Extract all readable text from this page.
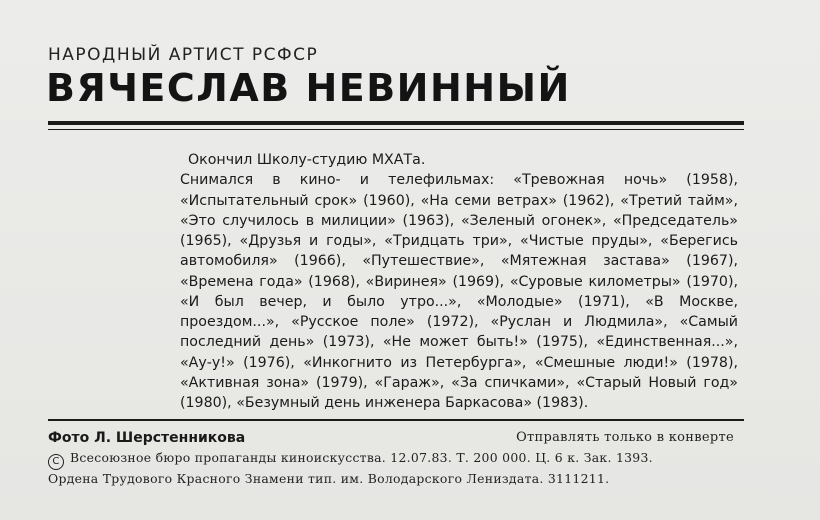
НАРОДНЫЙ АРТИСТ РСФСР
ВЯЧЕСЛАВ НЕВИННЫЙ

Окончил Школу-студию МХАТа.

Снимался в кино- и телефильмах: «Тревожная ночь» (1958), «Испытательный срок» (1960), «На семи ветрах» (1962), «Третий тайм», «Это случилось в милиции» (1963), «Зеленый огонек», «Председатель» (1965), «Друзья и годы», «Тридцать три», «Чистые пруды», «Берегись автомобиля» (1966), «Путешествие», «Мятежная застава» (1967), «Времена года» (1968), «Виринея» (1969), «Суровые километры» (1970), «И был вечер, и было утро...», «Молодые» (1971), «В Москве, проездом...», «Русское поле» (1972), «Руслан и Людмила», «Самый последний день» (1973), «Не может быть!» (1975), «Единственная...», «Ау-у!» (1976), «Инкогнито из Петербурга», «Смешные люди!» (1978), «Активная зона» (1979), «Гараж», «За спичками», «Старый Новый год» (1980), «Безумный день инженера Баркасова» (1983).

Фото Л. Шерстенникова	Отправлять только в конверте
С Всесоюзное бюро пропаганды киноискусства. 12.07.83. Т. 200 000. Ц. 6 к. Зак. 1393.
Ордена Трудового Красного Знамени тип. им. Володарского Лениздата. 3111211.
